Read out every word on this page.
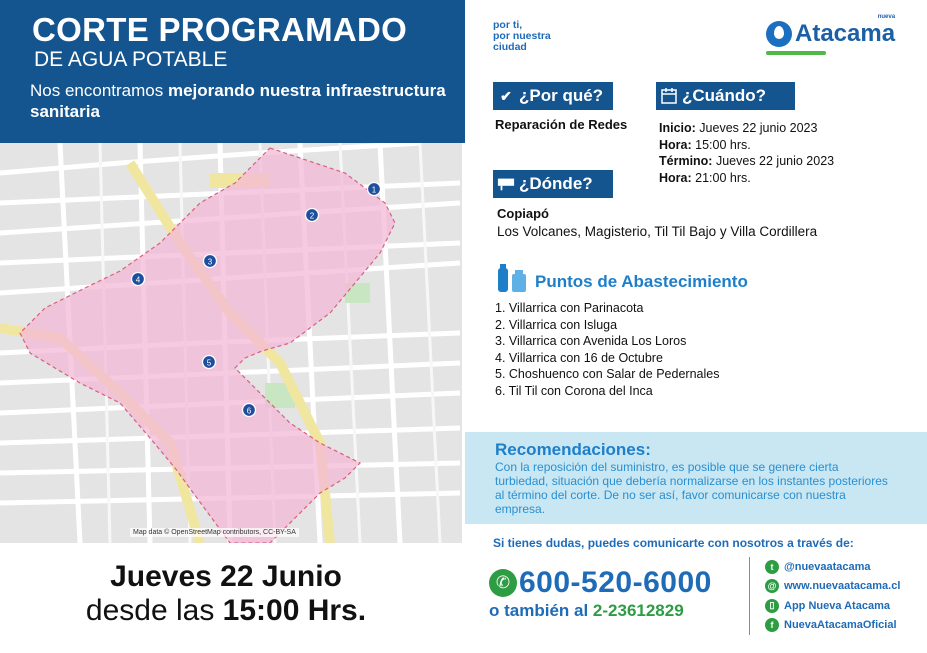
CORTE PROGRAMADO
DE AGUA POTABLE

Nos encontramos mejorando nuestra infraestructura sanitaria

1
2
3
4
5
6
Map data © OpenStreetMap contributors, CC-BY-SA
Jueves 22 Junio
desde las 15:00 Hrs.
por ti,
por nuestra
ciudad	Atacama
nueva
✔ ¿Por qué?
Reparación de Redes
¿Cuándo?
Inicio: Jueves 22 junio 2023
Hora: 15:00 hrs.
Término: Jueves 22 junio 2023
Hora: 21:00 hrs.
¿Dónde?
Copiapó
Los Volcanes, Magisterio, Til Til Bajo y Villa Cordillera
Puntos de Abastecimiento
1. Villarrica con Parinacota
2. Villarrica con Isluga
3. Villarrica con Avenida Los Loros
4. Villarrica con 16 de Octubre
5. Choshuenco con Salar de Pedernales
6. Til Til con Corona del Inca
Recomendaciones:

Con la reposición del suministro, es posible que se genere cierta turbiedad, situación que debería normalizarse en los instantes posteriores al término del corte. De no ser así, favor comunicarse con nuestra empresa.

Si tienes dudas, puedes comunicarte con nosotros a través de:
✆ 600-520-6000
o también al 2-23612829
t @nuevaatacama
@ www.nuevaatacama.cl
▯ App Nueva Atacama
f NuevaAtacamaOficial
